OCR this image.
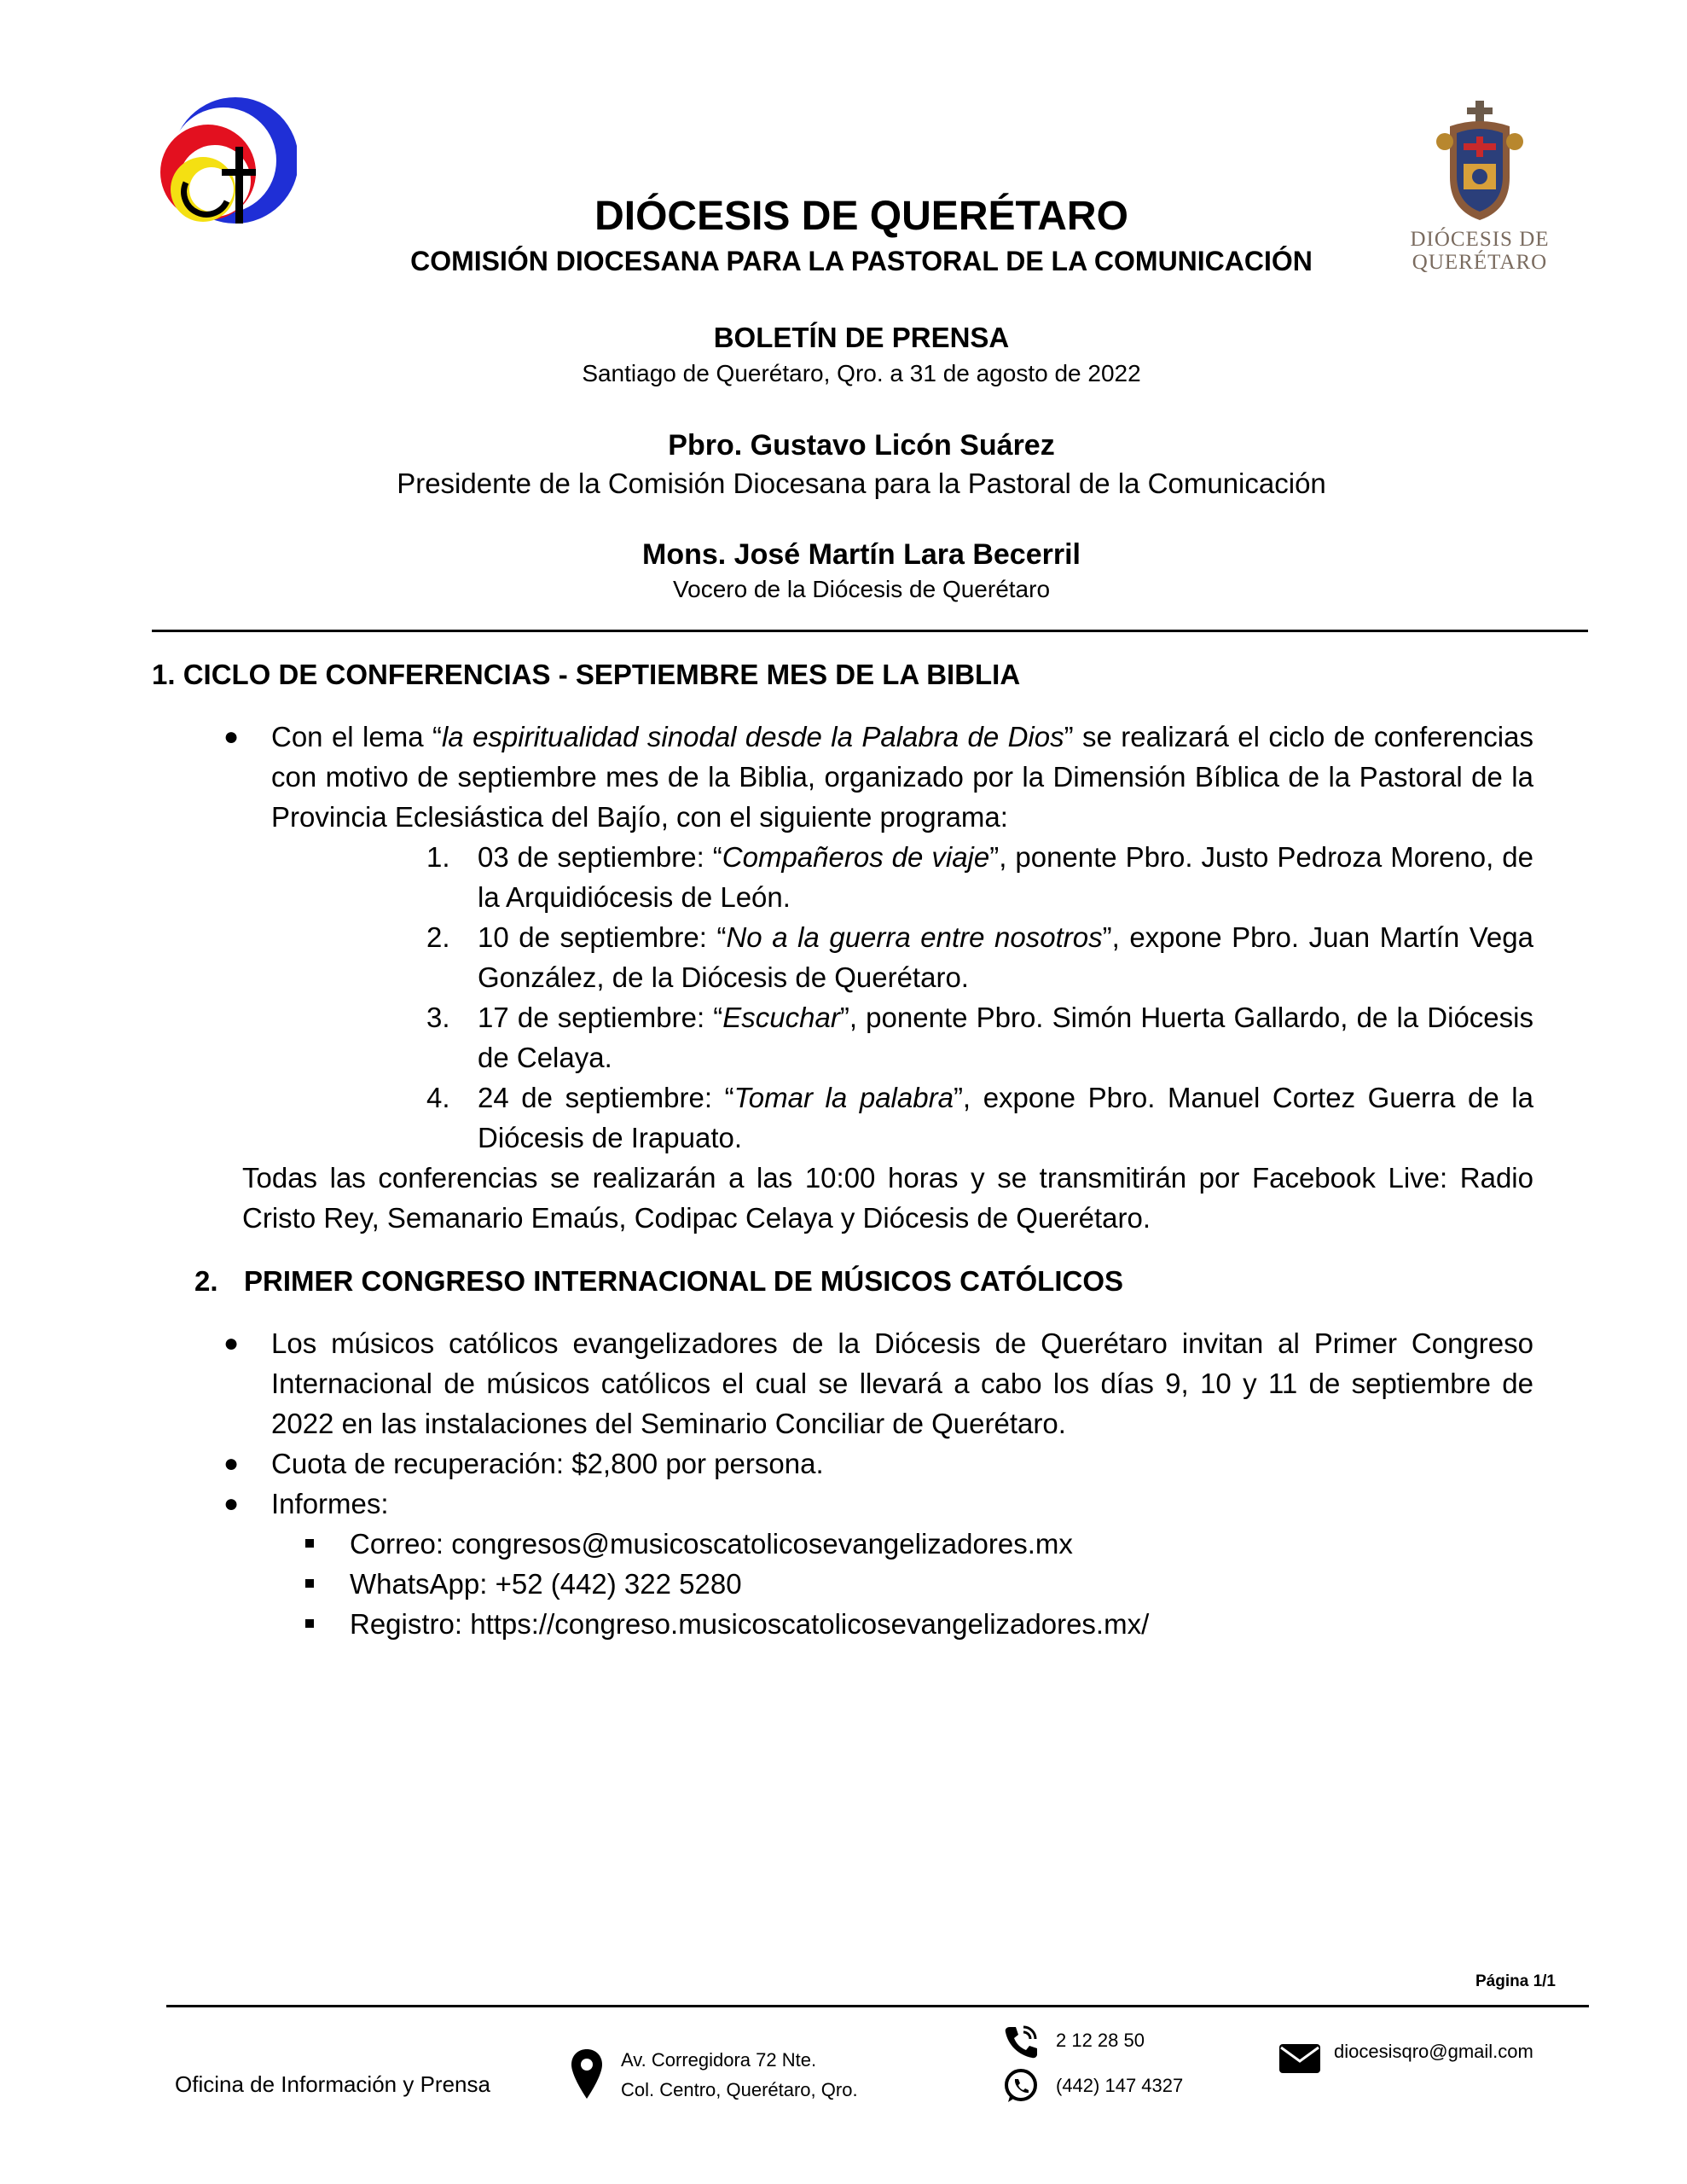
DIÓCESIS DE
QUERÉTARO
DIÓCESIS DE QUERÉTARO
COMISIÓN DIOCESANA PARA LA PASTORAL DE LA COMUNICACIÓN
BOLETÍN DE PRENSA
Santiago de Querétaro, Qro. a 31 de agosto de 2022
Pbro. Gustavo Licón Suárez
Presidente de la Comisión Diocesana para la Pastoral de la Comunicación
Mons. José Martín Lara Becerril
Vocero de la Diócesis de Querétaro
1. CICLO DE CONFERENCIAS - SEPTIEMBRE MES DE LA BIBLIA
● Con el lema “la espiritualidad sinodal desde la Palabra de Dios” se realizará el ciclo de conferencias con motivo de septiembre mes de la Biblia, organizado por la Dimensión Bíblica de la Pastoral de la Provincia Eclesiástica del Bajío, con el siguiente programa:
1. 03 de septiembre: “Compañeros de viaje”, ponente Pbro. Justo Pedroza Moreno, de la Arquidiócesis de León.
2. 10 de septiembre: “No a la guerra entre nosotros”, expone Pbro. Juan Martín Vega González, de la Diócesis de Querétaro.
3. 17 de septiembre: “Escuchar”, ponente Pbro. Simón Huerta Gallardo, de la Diócesis de Celaya.
4. 24 de septiembre: “Tomar la palabra”, expone Pbro. Manuel Cortez Guerra de la Diócesis de Irapuato.
Todas las conferencias se realizarán a las 10:00 horas y se transmitirán por Facebook Live: Radio Cristo Rey, Semanario Emaús, Codipac Celaya y Diócesis de Querétaro.
2. PRIMER CONGRESO INTERNACIONAL DE MÚSICOS CATÓLICOS
● Los músicos católicos evangelizadores de la Diócesis de Querétaro invitan al Primer Congreso Internacional de músicos católicos el cual se llevará a cabo los días 9, 10 y 11 de septiembre de 2022 en las instalaciones del Seminario Conciliar de Querétaro.
● Cuota de recuperación: $2,800 por persona.
● Informes:
Correo: congresos@musicoscatolicosevangelizadores.mx
WhatsApp: +52 (442) 322 5280
Registro: https://congreso.musicoscatolicosevangelizadores.mx/
Página 1/1
Oficina de Información y Prensa
Av. Corregidora 72 Nte.
Col. Centro, Querétaro, Qro.
2 12 28 50
(442) 147 4327
diocesisqro@gmail.com
